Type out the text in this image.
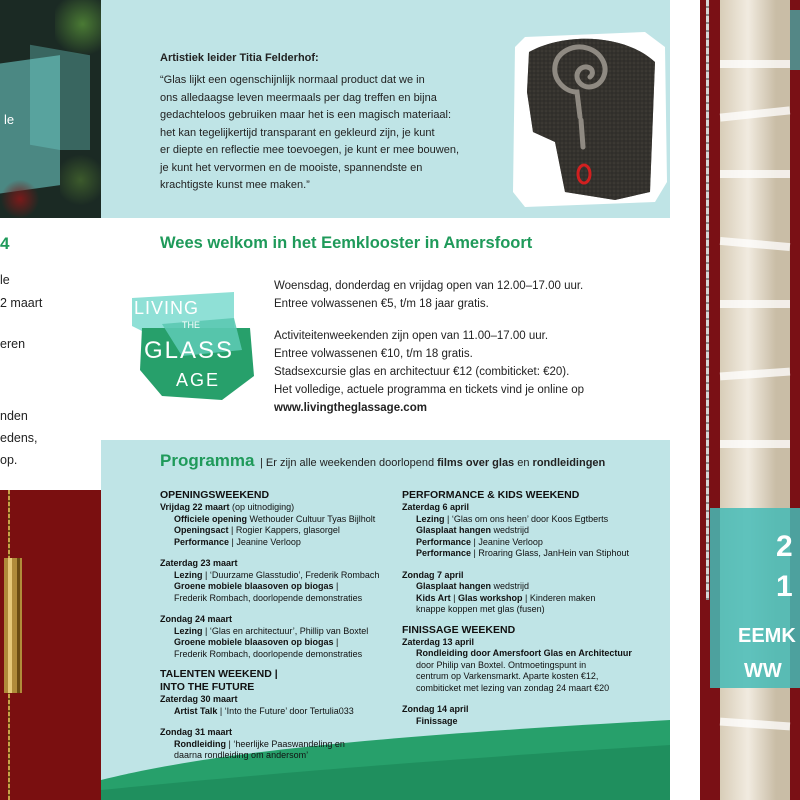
le
4
le
2 maart
eren
nden
edens,
op.
Artistiek leider Titia Felderhof:
“Glas lijkt een ogenschijnlijk normaal product dat we in
ons alledaagse leven meermaals per dag treffen en bijna
gedachteloos gebruiken maar het is een magisch materiaal:
het kan tegelijkertijd transparant en gekleurd zijn, je kunt
er diepte en reflectie mee toevoegen, je kunt er mee bouwen,
je kunt het vervormen en de mooiste, spannendste en
krachtigste kunst mee maken.”
Wees welkom in het Eemklooster in Amersfoort
LIVING
THE
GLASS
AGE
Woensdag, donderdag en vrijdag open van 12.00–17.00 uur.
Entree volwassenen €5, t/m 18 jaar gratis.
Activiteitenweekenden zijn open van 11.00–17.00 uur.
Entree volwassenen €10, t/m 18 gratis.
Stadsexcursie glas en architectuur €12 (combiticket: €20).
Het volledige, actuele programma en tickets vind je online op
www.livingtheglassage.com
Programma | Er zijn alle weekenden doorlopend films over glas en rondleidingen
OPENINGSWEEKEND
Vrijdag 22 maart (op uitnodiging)
Officiele opening Wethouder Cultuur Tyas Bijlholt
Openingsact | Rogier Kappers, glasorgel
Performance | Jeanine Verloop
Zaterdag 23 maart
Lezing | ‘Duurzame Glasstudio’, Frederik Rombach
Groene mobiele blaasoven op biogas |
Frederik Rombach, doorlopende demonstraties
Zondag 24 maart
Lezing | ‘Glas en architectuur’, Phillip van Boxtel
Groene mobiele blaasoven op biogas |
Frederik Rombach, doorlopende demonstraties
TALENTEN WEEKEND |
INTO THE FUTURE
Zaterdag 30 maart
Artist Talk | ‘Into the Future’ door Tertulia033
Zondag 31 maart
Rondleiding | ‘heerlijke Paaswandeling en
daarna rondleiding om andersom’
PERFORMANCE & KIDS WEEKEND
Zaterdag 6 april
Lezing | ‘Glas om ons heen’ door Koos Egtberts
Glasplaat hangen wedstrijd
Performance | Jeanine Verloop
Performance | Rroaring Glass, JanHein van Stiphout
Zondag 7 april
Glasplaat hangen wedstrijd
Kids Art | Glas workshop | Kinderen maken
knappe koppen met glas (fusen)
FINISSAGE WEEKEND
Zaterdag 13 april
Rondleiding door Amersfoort Glas en Architectuur
door Philip van Boxtel. Ontmoetingspunt in
centrum op Varkensmarkt. Aparte kosten €12,
combiticket met lezing van zondag 24 maart €20
Zondag 14 april
Finissage
2
1
EEMK
WW
